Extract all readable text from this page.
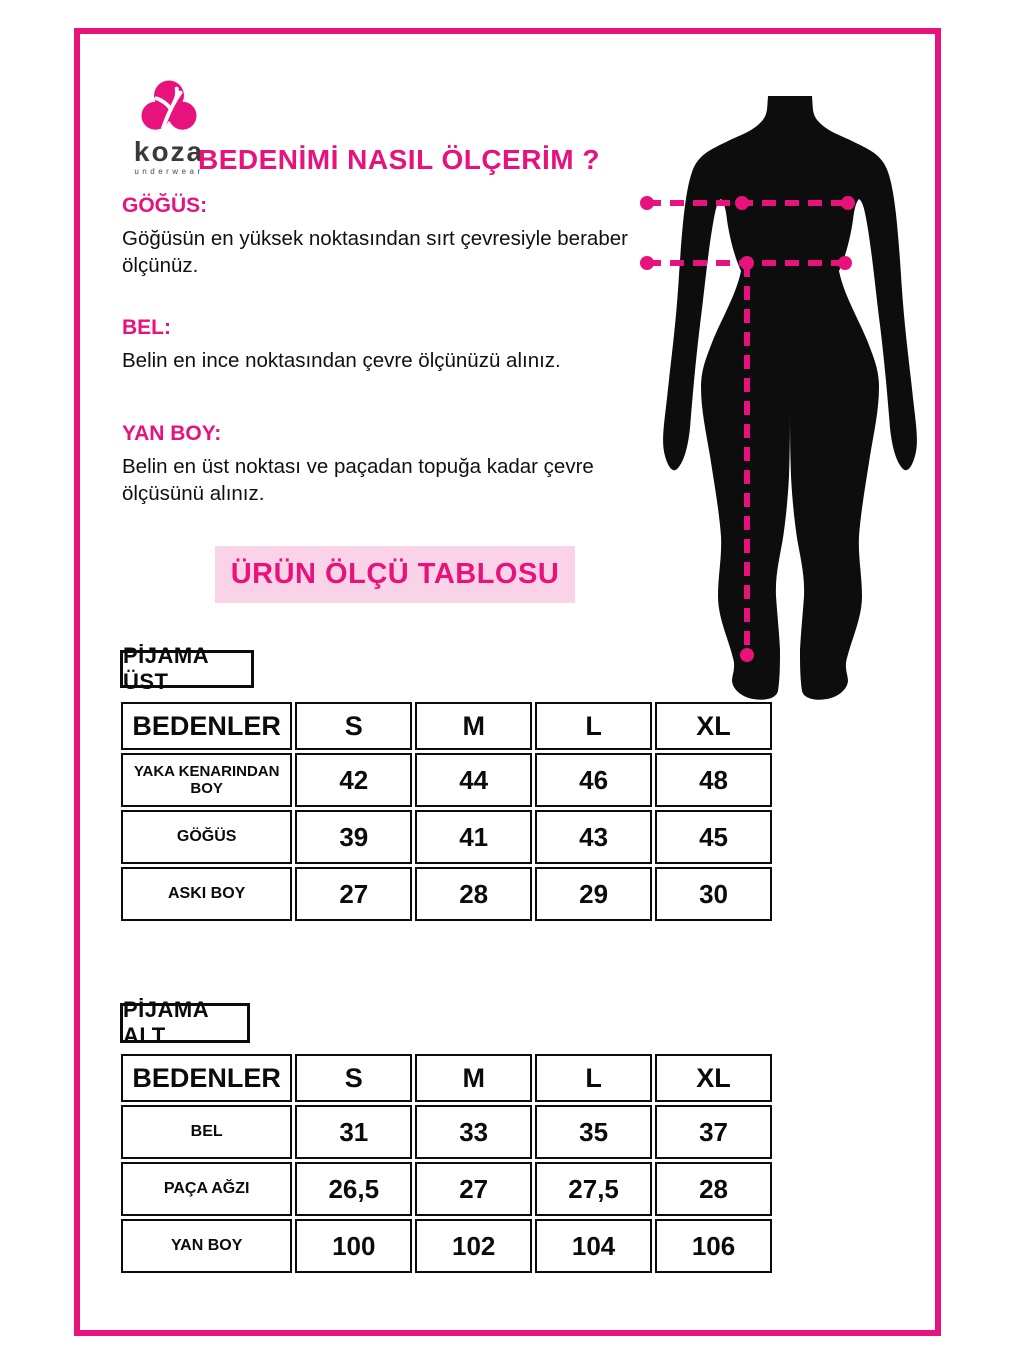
koza
underwear
BEDENİMİ NASIL ÖLÇERİM ?

GÖĞÜS:

Göğüsün en yüksek noktasından sırt çevresiyle beraber ölçünüz.

BEL:

Belin en ince noktasından çevre ölçünüzü alınız.

YAN BOY:

Belin en üst noktası ve paçadan topuğa kadar çevre ölçüsünü alınız.

ÜRÜN ÖLÇÜ TABLOSU
PİJAMA ÜST
BEDENLER	S	M	L	XL
YAKA KENARINDAN BOY	42	44	46	48
GÖĞÜS	39	41	43	45
ASKI BOY	27	28	29	30
PİJAMA ALT
BEDENLER	S	M	L	XL
BEL	31	33	35	37
PAÇA AĞZI	26,5	27	27,5	28
YAN BOY	100	102	104	106
